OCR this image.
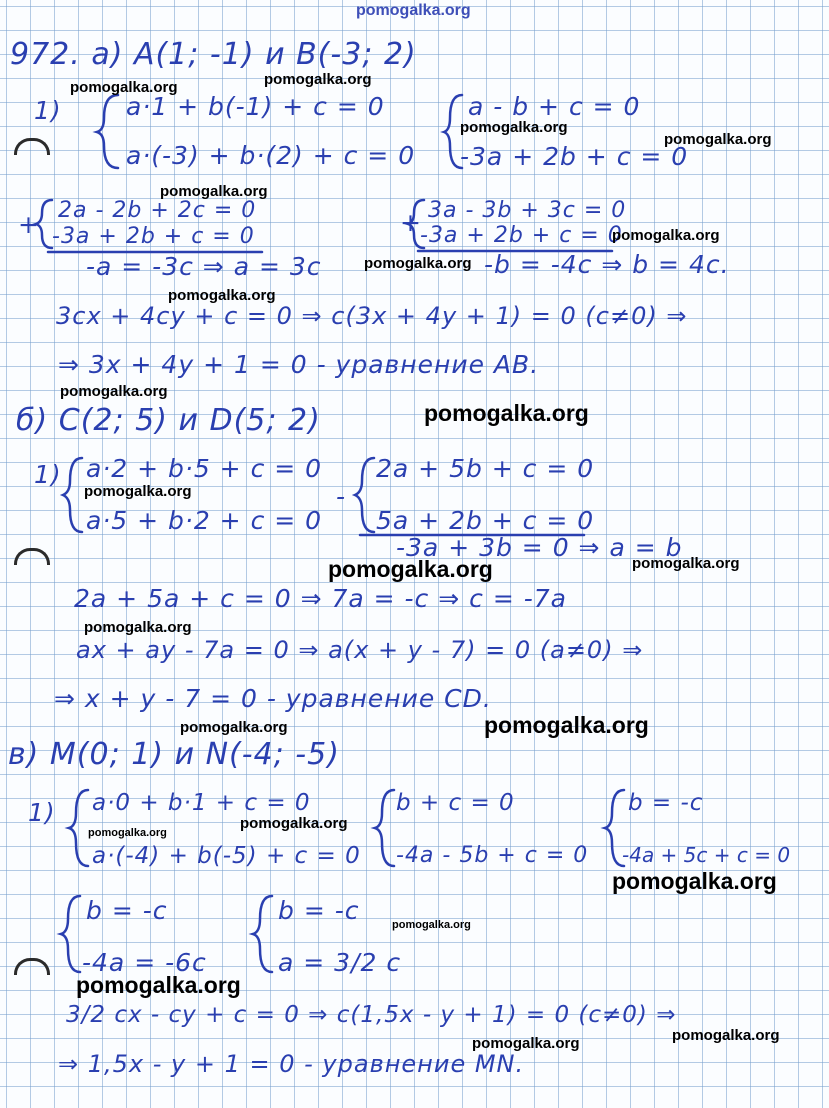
972. а) A(1; -1) и B(-3; 2)
1)	a·1 + b(-1) + c = 0
a·(-3) + b·(2) + c = 0
a - b + c = 0
-3a + 2b + c = 0
+ 2a - 2b + 2c = 0
-3a + 2b + c = 0
-a = -3c ⇒ a = 3c
+ 3a - 3b + 3c = 0
-3a + 2b + c = 0
-b = -4c ⇒ b = 4c.
3cx + 4cy + c = 0 ⇒ c(3x + 4y + 1) = 0 (c≠0) ⇒
⇒ 3x + 4y + 1 = 0 - уравнение AB.
б) C(2; 5) и D(5; 2)
1) a·2 + b·5 + c = 0
a·5 + b·2 + c = 0
-
2a + 5b + c = 0
5a + 2b + c = 0
-3a + 3b = 0 ⇒ a = b
2a + 5a + c = 0 ⇒ 7a = -c ⇒ c = -7a
ax + ay - 7a = 0 ⇒ a(x + y - 7) = 0 (a≠0) ⇒
⇒ x + y - 7 = 0 - уравнение CD.
в) M(0; 1) и N(-4; -5)
1) a·0 + b·1 + c = 0
a·(-4) + b(-5) + c = 0
b + c = 0
-4a - 5b + c = 0
b = -c
-4a + 5c + c = 0
b = -c
-4a = -6c
b = -c
a = 3/2 c
3/2 cx - cy + c = 0 ⇒ c(1,5x - y + 1) = 0 (c≠0) ⇒
⇒ 1,5x - y + 1 = 0 - уравнение MN.
pomogalka.org
pomogalka.org	pomogalka.org
pomogalka.org
pomogalka.org
pomogalka.org
pomogalka.org
pomogalka.org
pomogalka.org
pomogalka.org
pomogalka.org
pomogalka.org
pomogalka.org	pomogalka.org
pomogalka.org
pomogalka.org
pomogalka.org
pomogalka.org
pomogalka.org
pomogalka.org
pomogalka.org
pomogalka.org
pomogalka.org	pomogalka.org
